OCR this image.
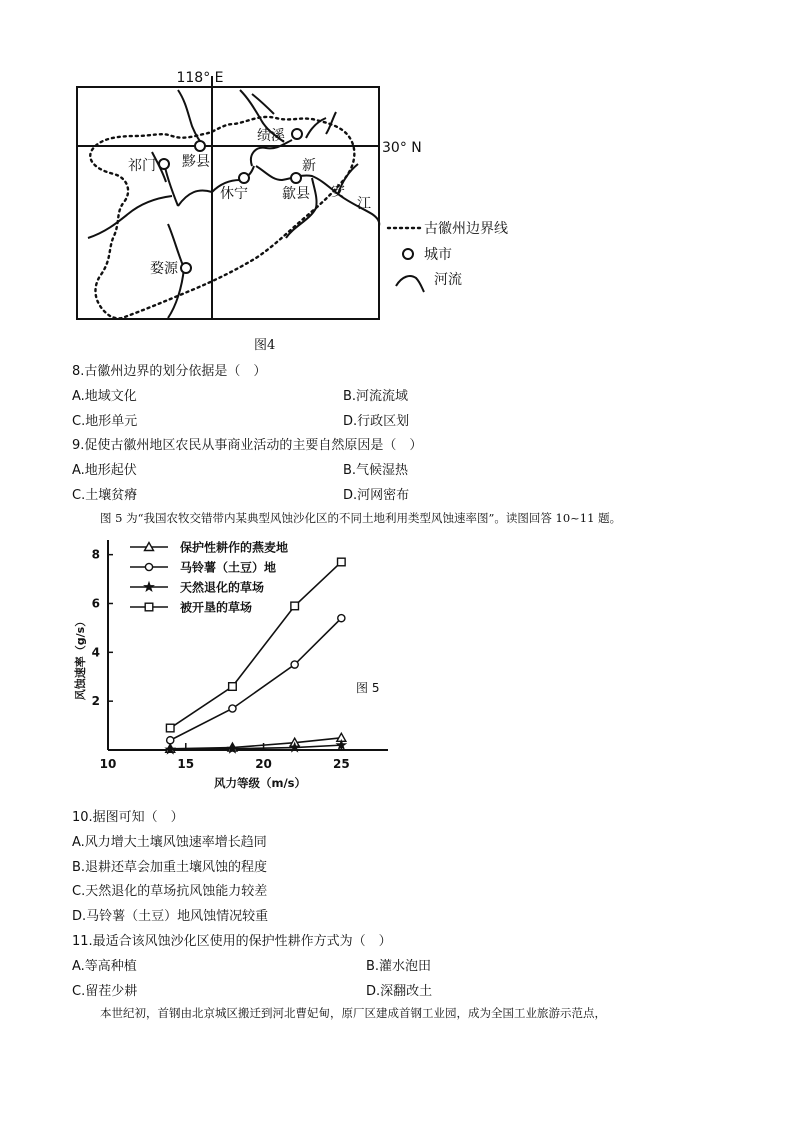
118° E
30° N
绩溪
黟县
祁门
休宁 歙县
婺源
新
安
江
古徽州边界线
城市
河流
图4
8.古徽州边界的划分依据是（　）
A.地域文化	B.河流流域
C.地形单元	D.行政区划
9.促使古徽州地区农民从事商业活动的主要自然原因是（　）
A.地形起伏	B.气候湿热
C.土壤贫瘠	D.河网密布
图 5 为“我国农牧交错带内某典型风蚀沙化区的不同土地利用类型风蚀速率图”。读图回答 10~11 题。
2
4
6
8
10	15	20	25
保护性耕作的燕麦地
马铃薯（土豆）地
天然退化的草场
被开垦的草场
风蚀速率（g/s）
风力等级（m/s）
图 5
10.据图可知（　）
A.风力增大土壤风蚀速率增长趋同
B.退耕还草会加重土壤风蚀的程度
C.天然退化的草场抗风蚀能力较差
D.马铃薯（土豆）地风蚀情况较重
11.最适合该风蚀沙化区使用的保护性耕作方式为（　）
A.等高种植	B.灌水泡田
C.留茬少耕	D.深翻改土
本世纪初，首钢由北京城区搬迁到河北曹妃甸，原厂区建成首钢工业园，成为全国工业旅游示范点，
